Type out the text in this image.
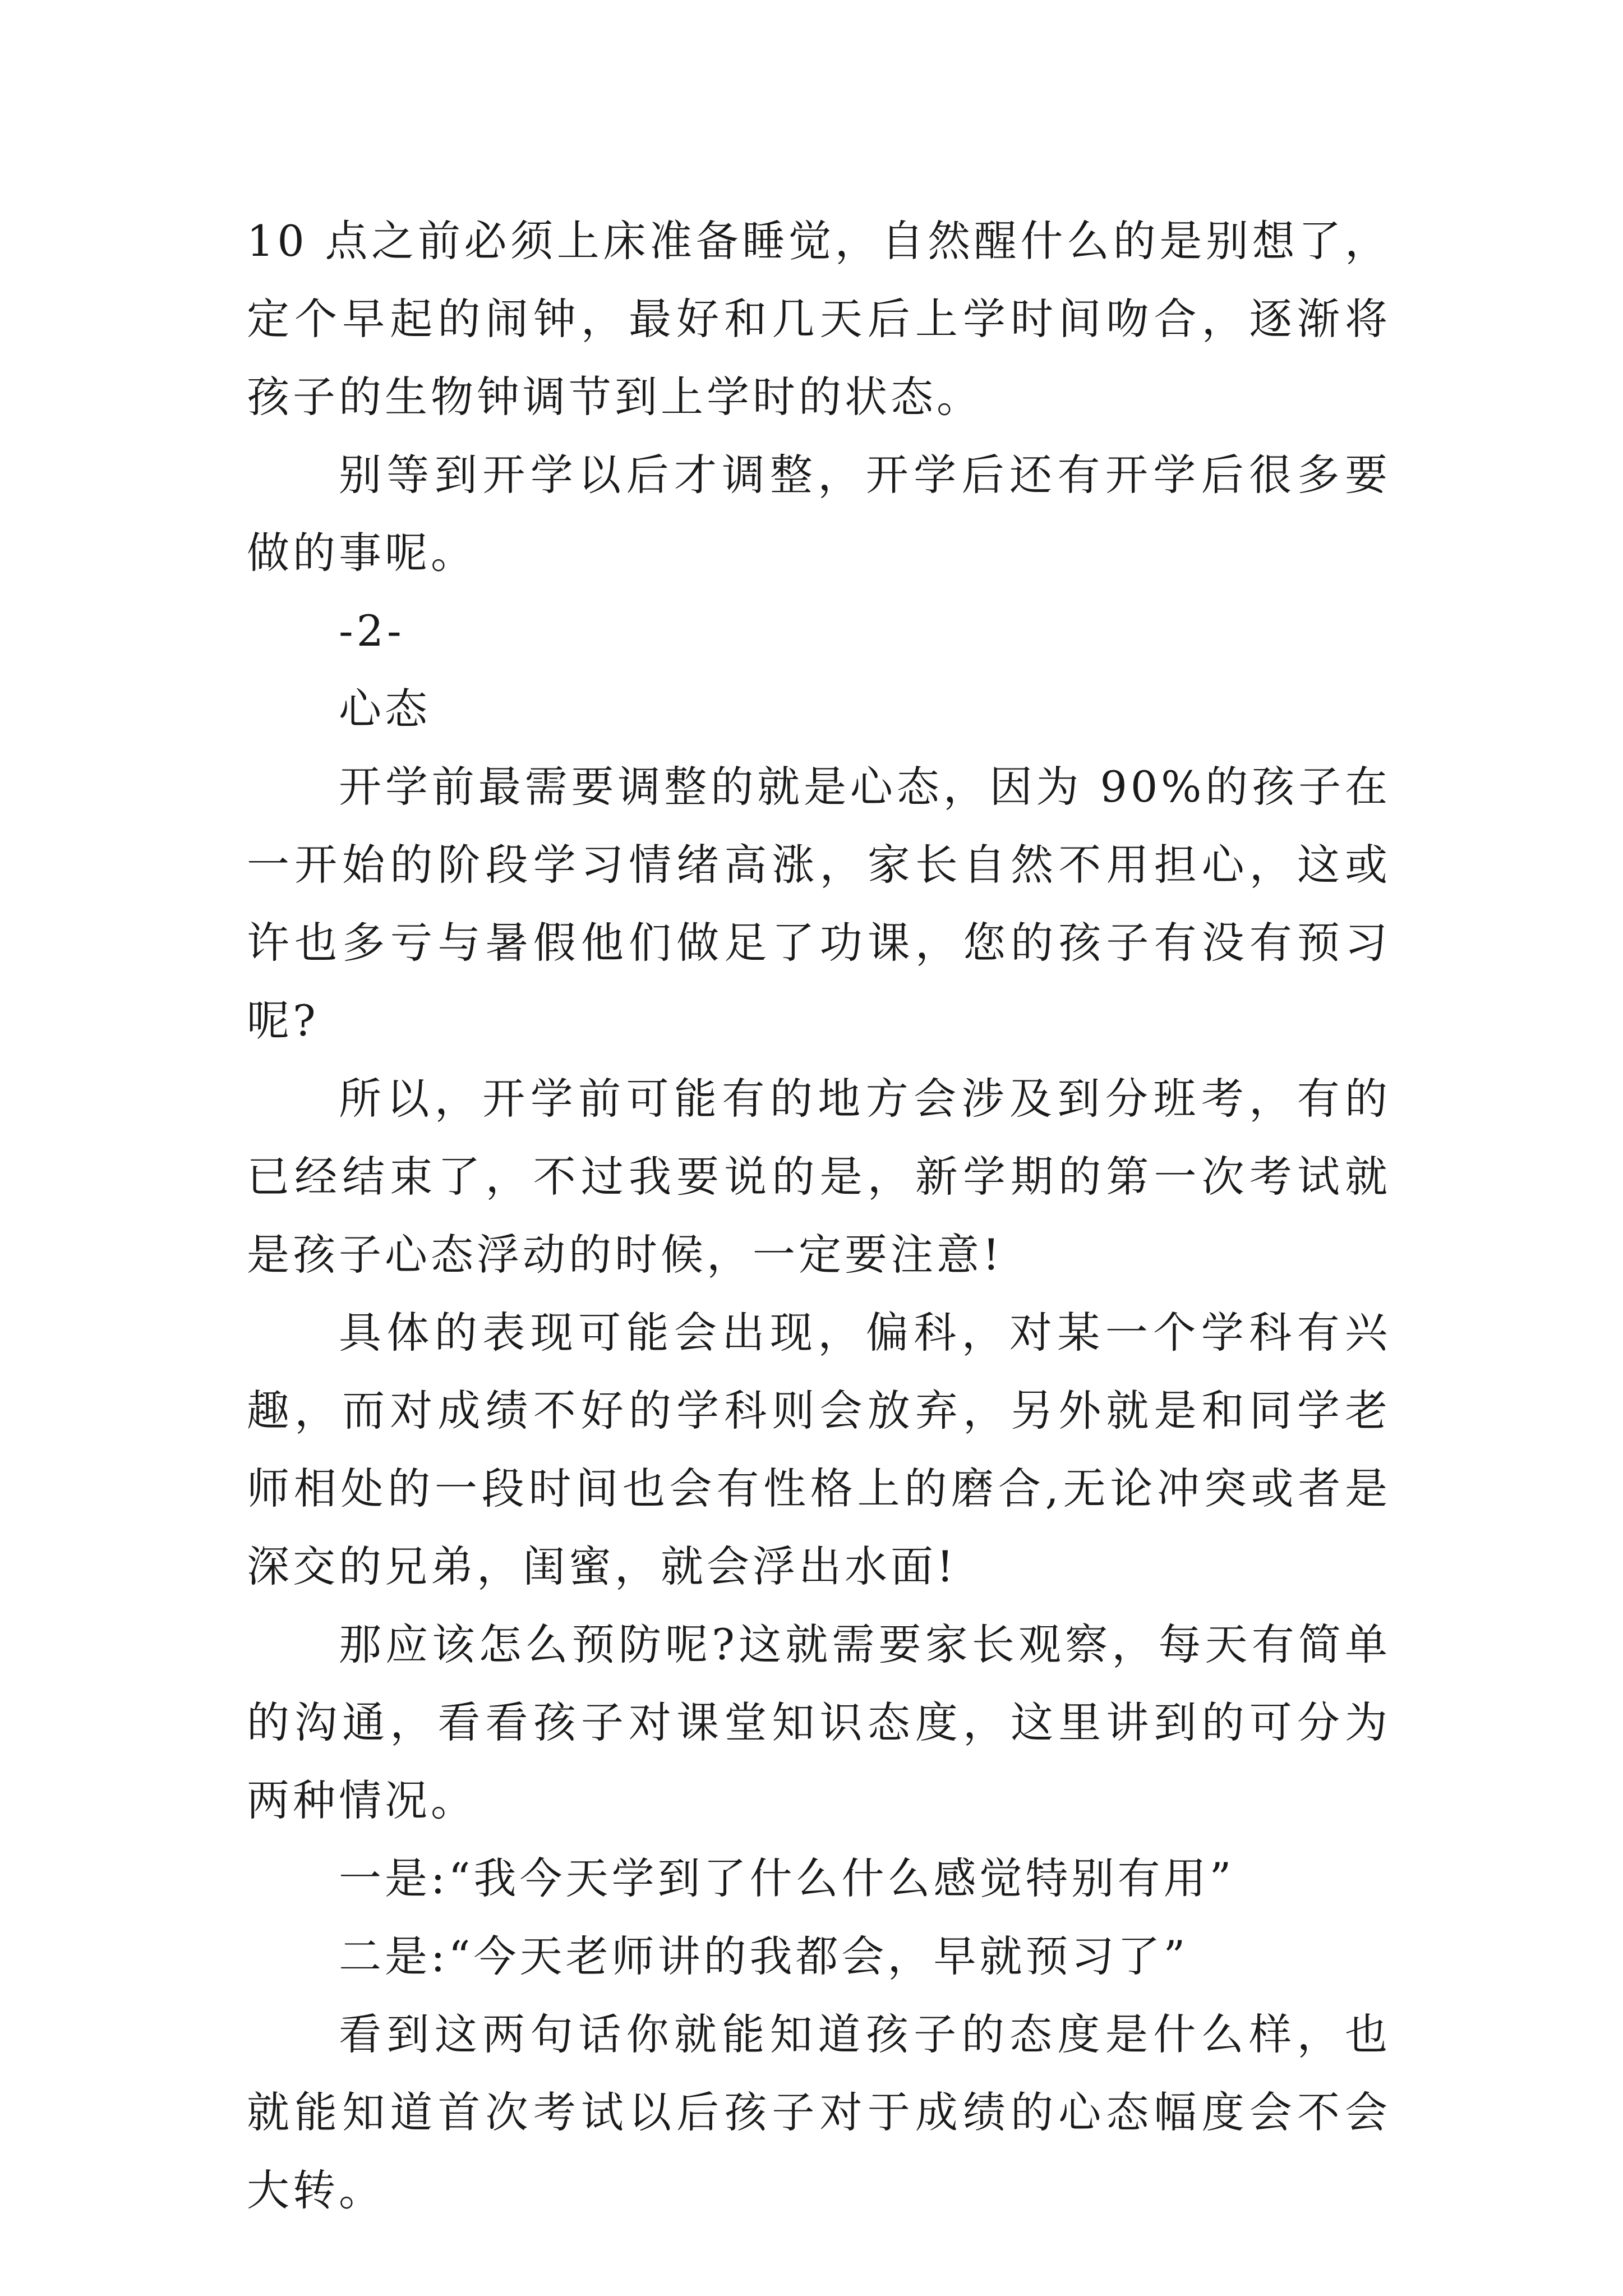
10 点之前必须上床准备睡觉，自然醒什么的是别想了，定个早起的闹钟，最好和几天后上学时间吻合，逐渐将孩子的生物钟调节到上学时的状态。

别等到开学以后才调整，开学后还有开学后很多要做的事呢。

-2-

心态

开学前最需要调整的就是心态，因为 90%的孩子在一开始的阶段学习情绪高涨，家长自然不用担心，这或许也多亏与暑假他们做足了功课，您的孩子有没有预习呢?

所以，开学前可能有的地方会涉及到分班考，有的已经结束了，不过我要说的是，新学期的第一次考试就是孩子心态浮动的时候，一定要注意!

具体的表现可能会出现，偏科，对某一个学科有兴趣，而对成绩不好的学科则会放弃，另外就是和同学老师相处的一段时间也会有性格上的磨合,无论冲突或者是深交的兄弟，闺蜜，就会浮出水面!

那应该怎么预防呢?这就需要家长观察，每天有简单的沟通，看看孩子对课堂知识态度，这里讲到的可分为两种情况。

一是:“我今天学到了什么什么感觉特别有用”

二是:“今天老师讲的我都会，早就预习了”

看到这两句话你就能知道孩子的态度是什么样，也就能知道首次考试以后孩子对于成绩的心态幅度会不会大转。
